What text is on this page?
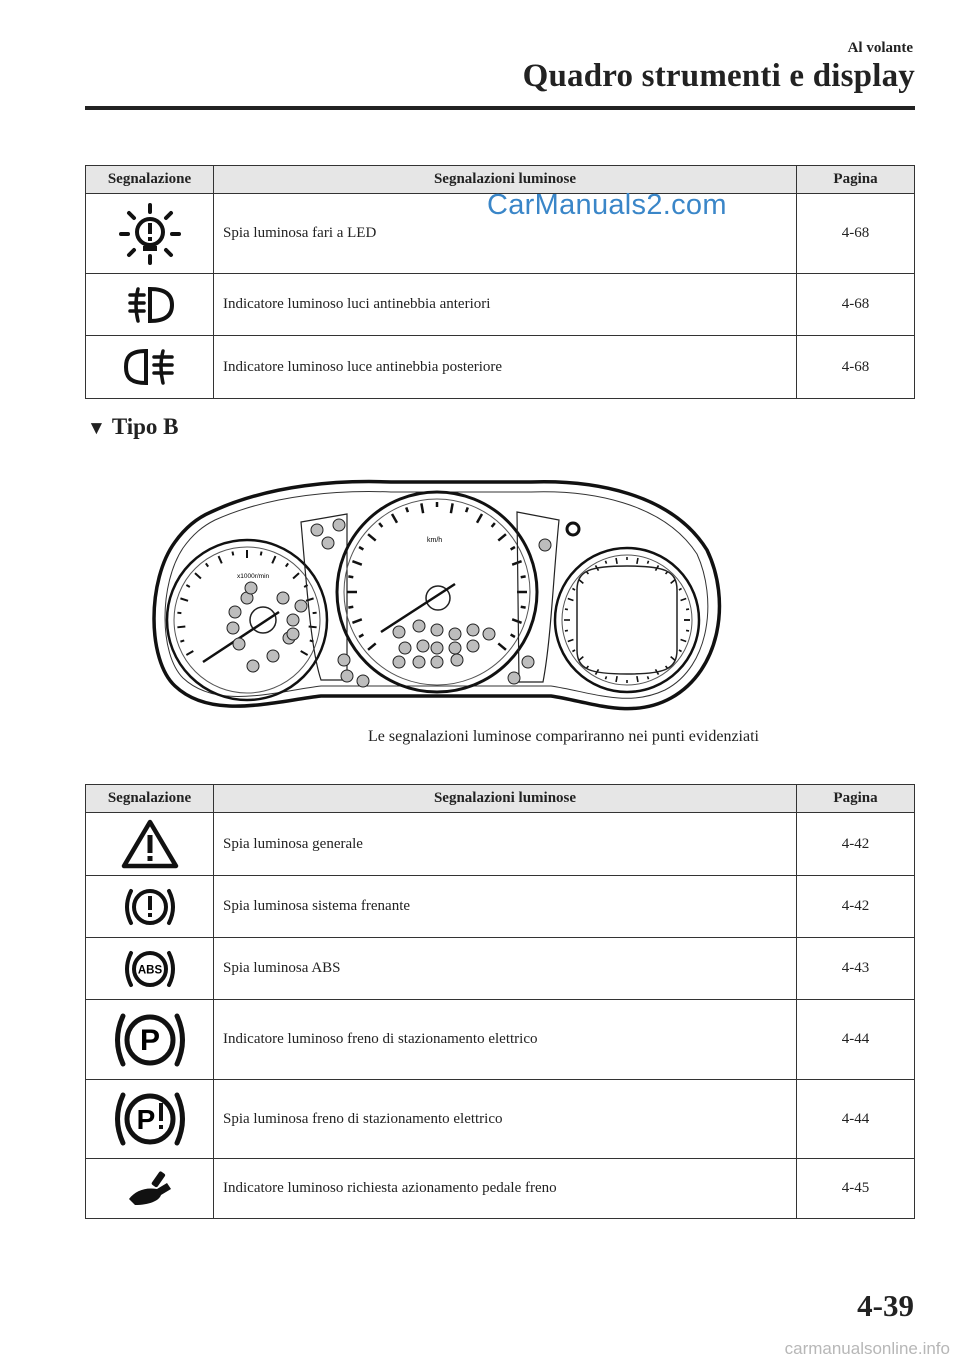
Al volante
Quadro strumenti e display
Segnalazione	Segnalazioni luminose	Pagina
	Spia luminosa fari a LED	4-68
	Indicatore luminoso luci antinebbia anteriori	4-68
	Indicatore luminoso luce antinebbia posteriore	4-68
CarManuals2.com
▼ Tipo B
x1000r/min
km/h
Le segnalazioni luminose compariranno nei punti evidenziati
Segnalazione	Segnalazioni luminose	Pagina
	Spia luminosa generale	4-42
	Spia luminosa sistema frenante	4-42

ABS	Spia luminosa ABS	4-43

P	Indicatore luminoso freno di stazionamento elettrico	4-44

P	Spia luminosa freno di stazionamento elettrico	4-44
	Indicatore luminoso richiesta azionamento pedale freno	4-45
4-39
carmanualsonline.info
